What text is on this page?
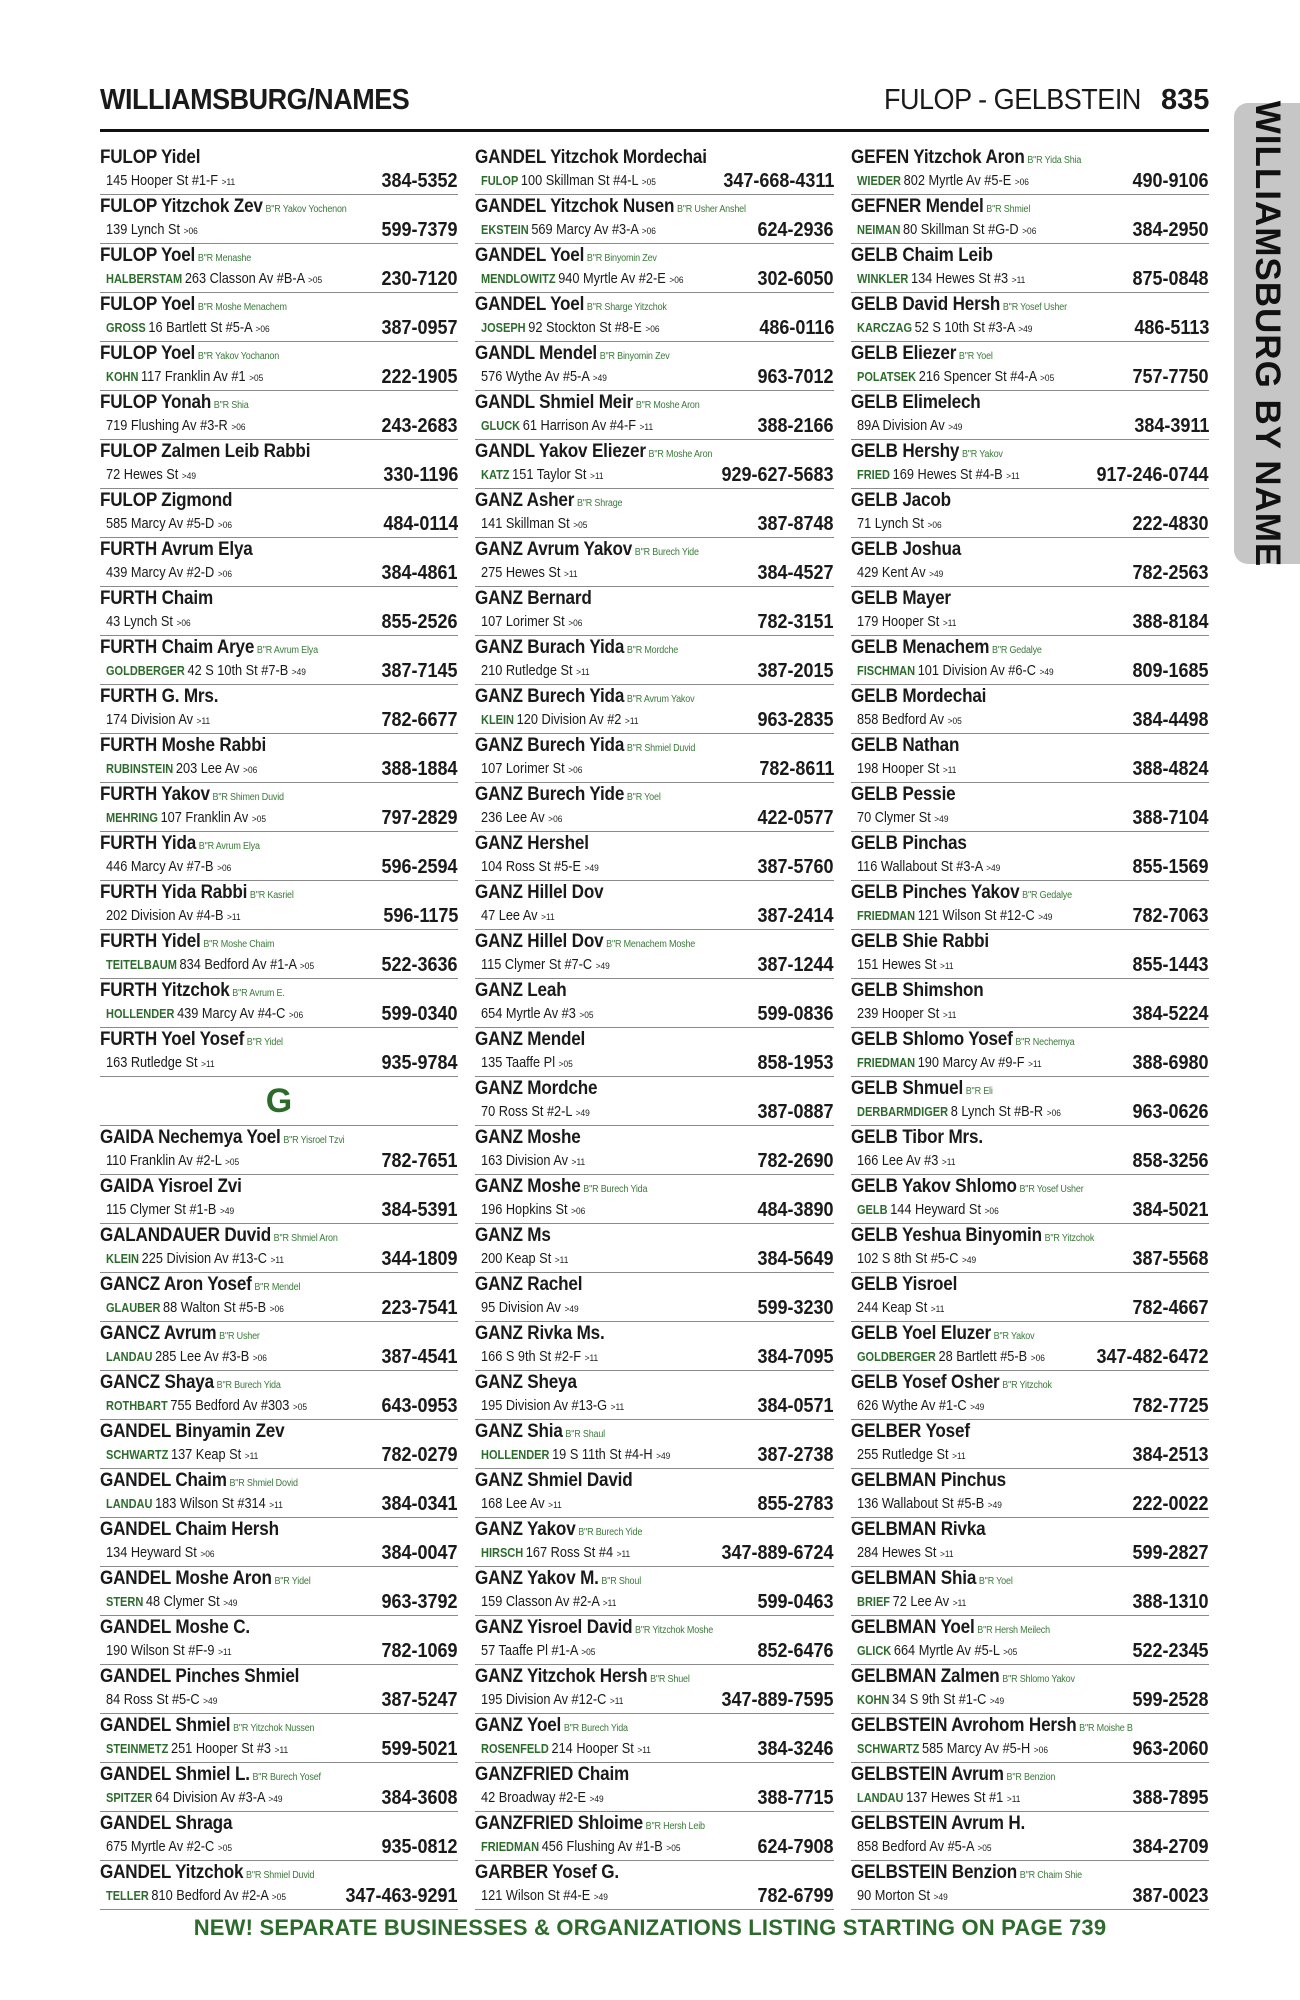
WILLIAMSBURG/NAMES	FULOP - GELBSTEIN 835
WILLIAMSBURG BY NAME
FULOP Yidel
145 Hooper St #1-F >11	384-5352
FULOP Yitzchok Zev B"R Yakov Yochenon
139 Lynch St >06	599-7379
FULOP Yoel B"R Menashe
HALBERSTAM 263 Classon Av #B-A >05	230-7120
FULOP Yoel B"R Moshe Menachem
GROSS 16 Bartlett St #5-A >06	387-0957
FULOP Yoel B"R Yakov Yochanon
KOHN 117 Franklin Av #1 >05	222-1905
FULOP Yonah B"R Shia
719 Flushing Av #3-R >06	243-2683
FULOP Zalmen Leib Rabbi
72 Hewes St >49	330-1196
FULOP Zigmond
585 Marcy Av #5-D >06	484-0114
FURTH Avrum Elya
439 Marcy Av #2-D >06	384-4861
FURTH Chaim
43 Lynch St >06	855-2526
FURTH Chaim Arye B"R Avrum Elya
GOLDBERGER 42 S 10th St #7-B >49	387-7145
FURTH G. Mrs.
174 Division Av >11	782-6677
FURTH Moshe Rabbi
RUBINSTEIN 203 Lee Av >06	388-1884
FURTH Yakov B"R Shimen Duvid
MEHRING 107 Franklin Av >05	797-2829
FURTH Yida B"R Avrum Elya
446 Marcy Av #7-B >06	596-2594
FURTH Yida Rabbi B"R Kasriel
202 Division Av #4-B >11	596-1175
FURTH Yidel B"R Moshe Chaim
TEITELBAUM 834 Bedford Av #1-A >05	522-3636
FURTH Yitzchok B"R Avrum E.
HOLLENDER 439 Marcy Av #4-C >06	599-0340
FURTH Yoel Yosef B"R Yidel
163 Rutledge St >11	935-9784
G
GAIDA Nechemya Yoel B"R Yisroel Tzvi
110 Franklin Av #2-L >05	782-7651
GAIDA Yisroel Zvi
115 Clymer St #1-B >49	384-5391
GALANDAUER Duvid B"R Shmiel Aron
KLEIN 225 Division Av #13-C >11	344-1809
GANCZ Aron Yosef B"R Mendel
GLAUBER 88 Walton St #5-B >06	223-7541
GANCZ Avrum B"R Usher
LANDAU 285 Lee Av #3-B >06	387-4541
GANCZ Shaya B"R Burech Yida
ROTHBART 755 Bedford Av #303 >05	643-0953
GANDEL Binyamin Zev
SCHWARTZ 137 Keap St >11	782-0279
GANDEL Chaim B"R Shmiel Dovid
LANDAU 183 Wilson St #314 >11	384-0341
GANDEL Chaim Hersh
134 Heyward St >06	384-0047
GANDEL Moshe Aron B"R Yidel
STERN 48 Clymer St >49	963-3792
GANDEL Moshe C.
190 Wilson St #F-9 >11	782-1069
GANDEL Pinches Shmiel
84 Ross St #5-C >49	387-5247
GANDEL Shmiel B"R Yitzchok Nussen
STEINMETZ 251 Hooper St #3 >11	599-5021
GANDEL Shmiel L. B"R Burech Yosef
SPITZER 64 Division Av #3-A >49	384-3608
GANDEL Shraga
675 Myrtle Av #2-C >05	935-0812
GANDEL Yitzchok B"R Shmiel Duvid
TELLER 810 Bedford Av #2-A >05	347-463-9291
GANDEL Yitzchok Mordechai
FULOP 100 Skillman St #4-L >05	347-668-4311
GANDEL Yitzchok Nusen B"R Usher Anshel
EKSTEIN 569 Marcy Av #3-A >06	624-2936
GANDEL Yoel B"R Binyomin Zev
MENDLOWITZ 940 Myrtle Av #2-E >06	302-6050
GANDEL Yoel B"R Sharge Yitzchok
JOSEPH 92 Stockton St #8-E >06	486-0116
GANDL Mendel B"R Binyomin Zev
576 Wythe Av #5-A >49	963-7012
GANDL Shmiel Meir B"R Moshe Aron
GLUCK 61 Harrison Av #4-F >11	388-2166
GANDL Yakov Eliezer B"R Moshe Aron
KATZ 151 Taylor St >11	929-627-5683
GANZ Asher B"R Shrage
141 Skillman St >05	387-8748
GANZ Avrum Yakov B"R Burech Yide
275 Hewes St >11	384-4527
GANZ Bernard
107 Lorimer St >06	782-3151
GANZ Burach Yida B"R Mordche
210 Rutledge St >11	387-2015
GANZ Burech Yida B"R Avrum Yakov
KLEIN 120 Division Av #2 >11	963-2835
GANZ Burech Yida B"R Shmiel Duvid
107 Lorimer St >06	782-8611
GANZ Burech Yide B"R Yoel
236 Lee Av >06	422-0577
GANZ Hershel
104 Ross St #5-E >49	387-5760
GANZ Hillel Dov
47 Lee Av >11	387-2414
GANZ Hillel Dov B"R Menachem Moshe
115 Clymer St #7-C >49	387-1244
GANZ Leah
654 Myrtle Av #3 >05	599-0836
GANZ Mendel
135 Taaffe Pl >05	858-1953
GANZ Mordche
70 Ross St #2-L >49	387-0887
GANZ Moshe
163 Division Av >11	782-2690
GANZ Moshe B"R Burech Yida
196 Hopkins St >06	484-3890
GANZ Ms
200 Keap St >11	384-5649
GANZ Rachel
95 Division Av >49	599-3230
GANZ Rivka Ms.
166 S 9th St #2-F >11	384-7095
GANZ Sheya
195 Division Av #13-G >11	384-0571
GANZ Shia B"R Shaul
HOLLENDER 19 S 11th St #4-H >49	387-2738
GANZ Shmiel David
168 Lee Av >11	855-2783
GANZ Yakov B"R Burech Yide
HIRSCH 167 Ross St #4 >11	347-889-6724
GANZ Yakov M. B"R Shoul
159 Classon Av #2-A >11	599-0463
GANZ Yisroel David B"R Yitzchok Moshe
57 Taaffe Pl #1-A >05	852-6476
GANZ Yitzchok Hersh B"R Shuel
195 Division Av #12-C >11	347-889-7595
GANZ Yoel B"R Burech Yida
ROSENFELD 214 Hooper St >11	384-3246
GANZFRIED Chaim
42 Broadway #2-E >49	388-7715
GANZFRIED Shloime B"R Hersh Leib
FRIEDMAN 456 Flushing Av #1-B >05	624-7908
GARBER Yosef G.
121 Wilson St #4-E >49	782-6799
GEFEN Yitzchok Aron B"R Yida Shia
WIEDER 802 Myrtle Av #5-E >06	490-9106
GEFNER Mendel B"R Shmiel
NEIMAN 80 Skillman St #G-D >06	384-2950
GELB Chaim Leib
WINKLER 134 Hewes St #3 >11	875-0848
GELB David Hersh B"R Yosef Usher
KARCZAG 52 S 10th St #3-A >49	486-5113
GELB Eliezer B"R Yoel
POLATSEK 216 Spencer St #4-A >05	757-7750
GELB Elimelech
89A Division Av >49	384-3911
GELB Hershy B"R Yakov
FRIED 169 Hewes St #4-B >11	917-246-0744
GELB Jacob
71 Lynch St >06	222-4830
GELB Joshua
429 Kent Av >49	782-2563
GELB Mayer
179 Hooper St >11	388-8184
GELB Menachem B"R Gedalye
FISCHMAN 101 Division Av #6-C >49	809-1685
GELB Mordechai
858 Bedford Av >05	384-4498
GELB Nathan
198 Hooper St >11	388-4824
GELB Pessie
70 Clymer St >49	388-7104
GELB Pinchas
116 Wallabout St #3-A >49	855-1569
GELB Pinches Yakov B"R Gedalye
FRIEDMAN 121 Wilson St #12-C >49	782-7063
GELB Shie Rabbi
151 Hewes St >11	855-1443
GELB Shimshon
239 Hooper St >11	384-5224
GELB Shlomo Yosef B"R Nechemya
FRIEDMAN 190 Marcy Av #9-F >11	388-6980
GELB Shmuel B"R Eli
DERBARMDIGER 8 Lynch St #B-R >06	963-0626
GELB Tibor Mrs.
166 Lee Av #3 >11	858-3256
GELB Yakov Shlomo B"R Yosef Usher
GELB 144 Heyward St >06	384-5021
GELB Yeshua Binyomin B"R Yitzchok
102 S 8th St #5-C >49	387-5568
GELB Yisroel
244 Keap St >11	782-4667
GELB Yoel Eluzer B"R Yakov
GOLDBERGER 28 Bartlett #5-B >06	347-482-6472
GELB Yosef Osher B"R Yitzchok
626 Wythe Av #1-C >49	782-7725
GELBER Yosef
255 Rutledge St >11	384-2513
GELBMAN Pinchus
136 Wallabout St #5-B >49	222-0022
GELBMAN Rivka
284 Hewes St >11	599-2827
GELBMAN Shia B"R Yoel
BRIEF 72 Lee Av >11	388-1310
GELBMAN Yoel B"R Hersh Meilech
GLICK 664 Myrtle Av #5-L >05	522-2345
GELBMAN Zalmen B"R Shlomo Yakov
KOHN 34 S 9th St #1-C >49	599-2528
GELBSTEIN Avrohom Hersh B"R Moishe B
SCHWARTZ 585 Marcy Av #5-H >06	963-2060
GELBSTEIN Avrum B"R Benzion
LANDAU 137 Hewes St #1 >11	388-7895
GELBSTEIN Avrum H.
858 Bedford Av #5-A >05	384-2709
GELBSTEIN Benzion B"R Chaim Shie
90 Morton St >49	387-0023
NEW! SEPARATE BUSINESSES & ORGANIZATIONS LISTING STARTING ON PAGE 739
